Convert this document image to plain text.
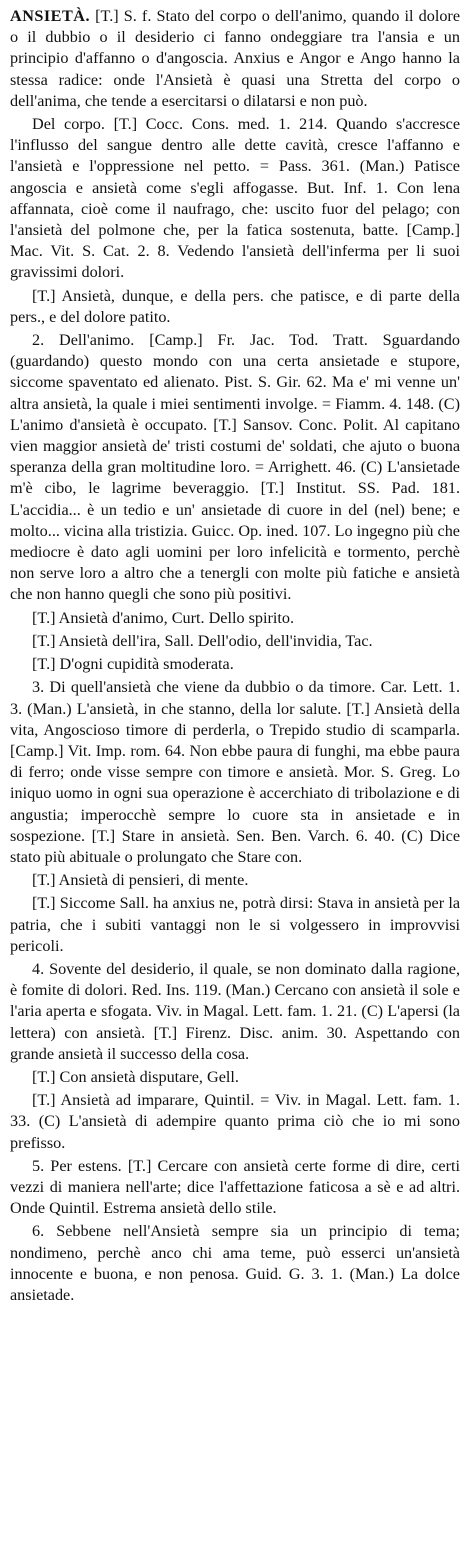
ANSIETÀ. [T.] S. f. Stato del corpo o dell'animo, quando il dolore o il dubbio o il desiderio ci fanno ondeggiare tra l'ansia e un principio d'affanno o d'angoscia. Anxius e Angor e Ango hanno la stessa radice: onde l'Ansietà è quasi una Stretta del corpo o dell'anima, che tende a esercitarsi o dilatarsi e non può.

Del corpo. [T.] Cocc. Cons. med. 1. 214. Quando s'accresce l'influsso del sangue dentro alle dette cavità, cresce l'affanno e l'ansietà e l'oppressione nel petto. = Pass. 361. (Man.) Patisce angoscia e ansietà come s'egli affogasse. But. Inf. 1. Con lena affannata, cioè come il naufrago, che: uscito fuor del pelago; con l'ansietà del polmone che, per la fatica sostenuta, batte. [Camp.] Mac. Vit. S. Cat. 2. 8. Vedendo l'ansietà dell'inferma per li suoi gravissimi dolori.

[T.] Ansietà, dunque, e della pers. che patisce, e di parte della pers., e del dolore patito.

2. Dell'animo. [Camp.] Fr. Jac. Tod. Tratt. Sguardando (guardando) questo mondo con una certa ansietade e stupore, siccome spaventato ed alienato. Pist. S. Gir. 62. Ma e' mi venne un' altra ansietà, la quale i miei sentimenti involge. = Fiamm. 4. 148. (C) L'animo d'ansietà è occupato. [T.] Sansov. Conc. Polit. Al capitano vien maggior ansietà de' tristi costumi de' soldati, che ajuto o buona speranza della gran moltitudine loro. = Arrighett. 46. (C) L'ansietade m'è cibo, le lagrime beveraggio. [T.] Institut. SS. Pad. 181. L'accidia... è un tedio e un' ansietade di cuore in del (nel) bene; e molto... vicina alla tristizia. Guicc. Op. ined. 107. Lo ingegno più che mediocre è dato agli uomini per loro infelicità e tormento, perchè non serve loro a altro che a tenergli con molte più fatiche e ansietà che non hanno quegli che sono più positivi.

[T.] Ansietà d'animo, Curt. Dello spirito.

[T.] Ansietà dell'ira, Sall. Dell'odio, dell'invidia, Tac.

[T.] D'ogni cupidità smoderata.

3. Di quell'ansietà che viene da dubbio o da timore. Car. Lett. 1. 3. (Man.) L'ansietà, in che stanno, della lor salute. [T.] Ansietà della vita, Angoscioso timore di perderla, o Trepido studio di scamparla. [Camp.] Vit. Imp. rom. 64. Non ebbe paura di funghi, ma ebbe paura di ferro; onde visse sempre con timore e ansietà. Mor. S. Greg. Lo iniquo uomo in ogni sua operazione è accerchiato di tribolazione e di angustia; imperocchè sempre lo cuore sta in ansietade e in sospezione. [T.] Stare in ansietà. Sen. Ben. Varch. 6. 40. (C) Dice stato più abituale o prolungato che Stare con.

[T.] Ansietà di pensieri, di mente.

[T.] Siccome Sall. ha anxius ne, potrà dirsi: Stava in ansietà per la patria, che i subiti vantaggi non le si volgessero in improvvisi pericoli.

4. Sovente del desiderio, il quale, se non dominato dalla ragione, è fomite di dolori. Red. Ins. 119. (Man.) Cercano con ansietà il sole e l'aria aperta e sfogata. Viv. in Magal. Lett. fam. 1. 21. (C) L'apersi (la lettera) con ansietà. [T.] Firenz. Disc. anim. 30. Aspettando con grande ansietà il successo della cosa.

[T.] Con ansietà disputare, Gell.

[T.] Ansietà ad imparare, Quintil. = Viv. in Magal. Lett. fam. 1. 33. (C) L'ansietà di adempire quanto prima ciò che io mi sono prefisso.

5. Per estens. [T.] Cercare con ansietà certe forme di dire, certi vezzi di maniera nell'arte; dice l'affettazione faticosa a sè e ad altri. Onde Quintil. Estrema ansietà dello stile.

6. Sebbene nell'Ansietà sempre sia un principio di tema; nondimeno, perchè anco chi ama teme, può esserci un'ansietà innocente e buona, e non penosa. Guid. G. 3. 1. (Man.) La dolce ansietade.
